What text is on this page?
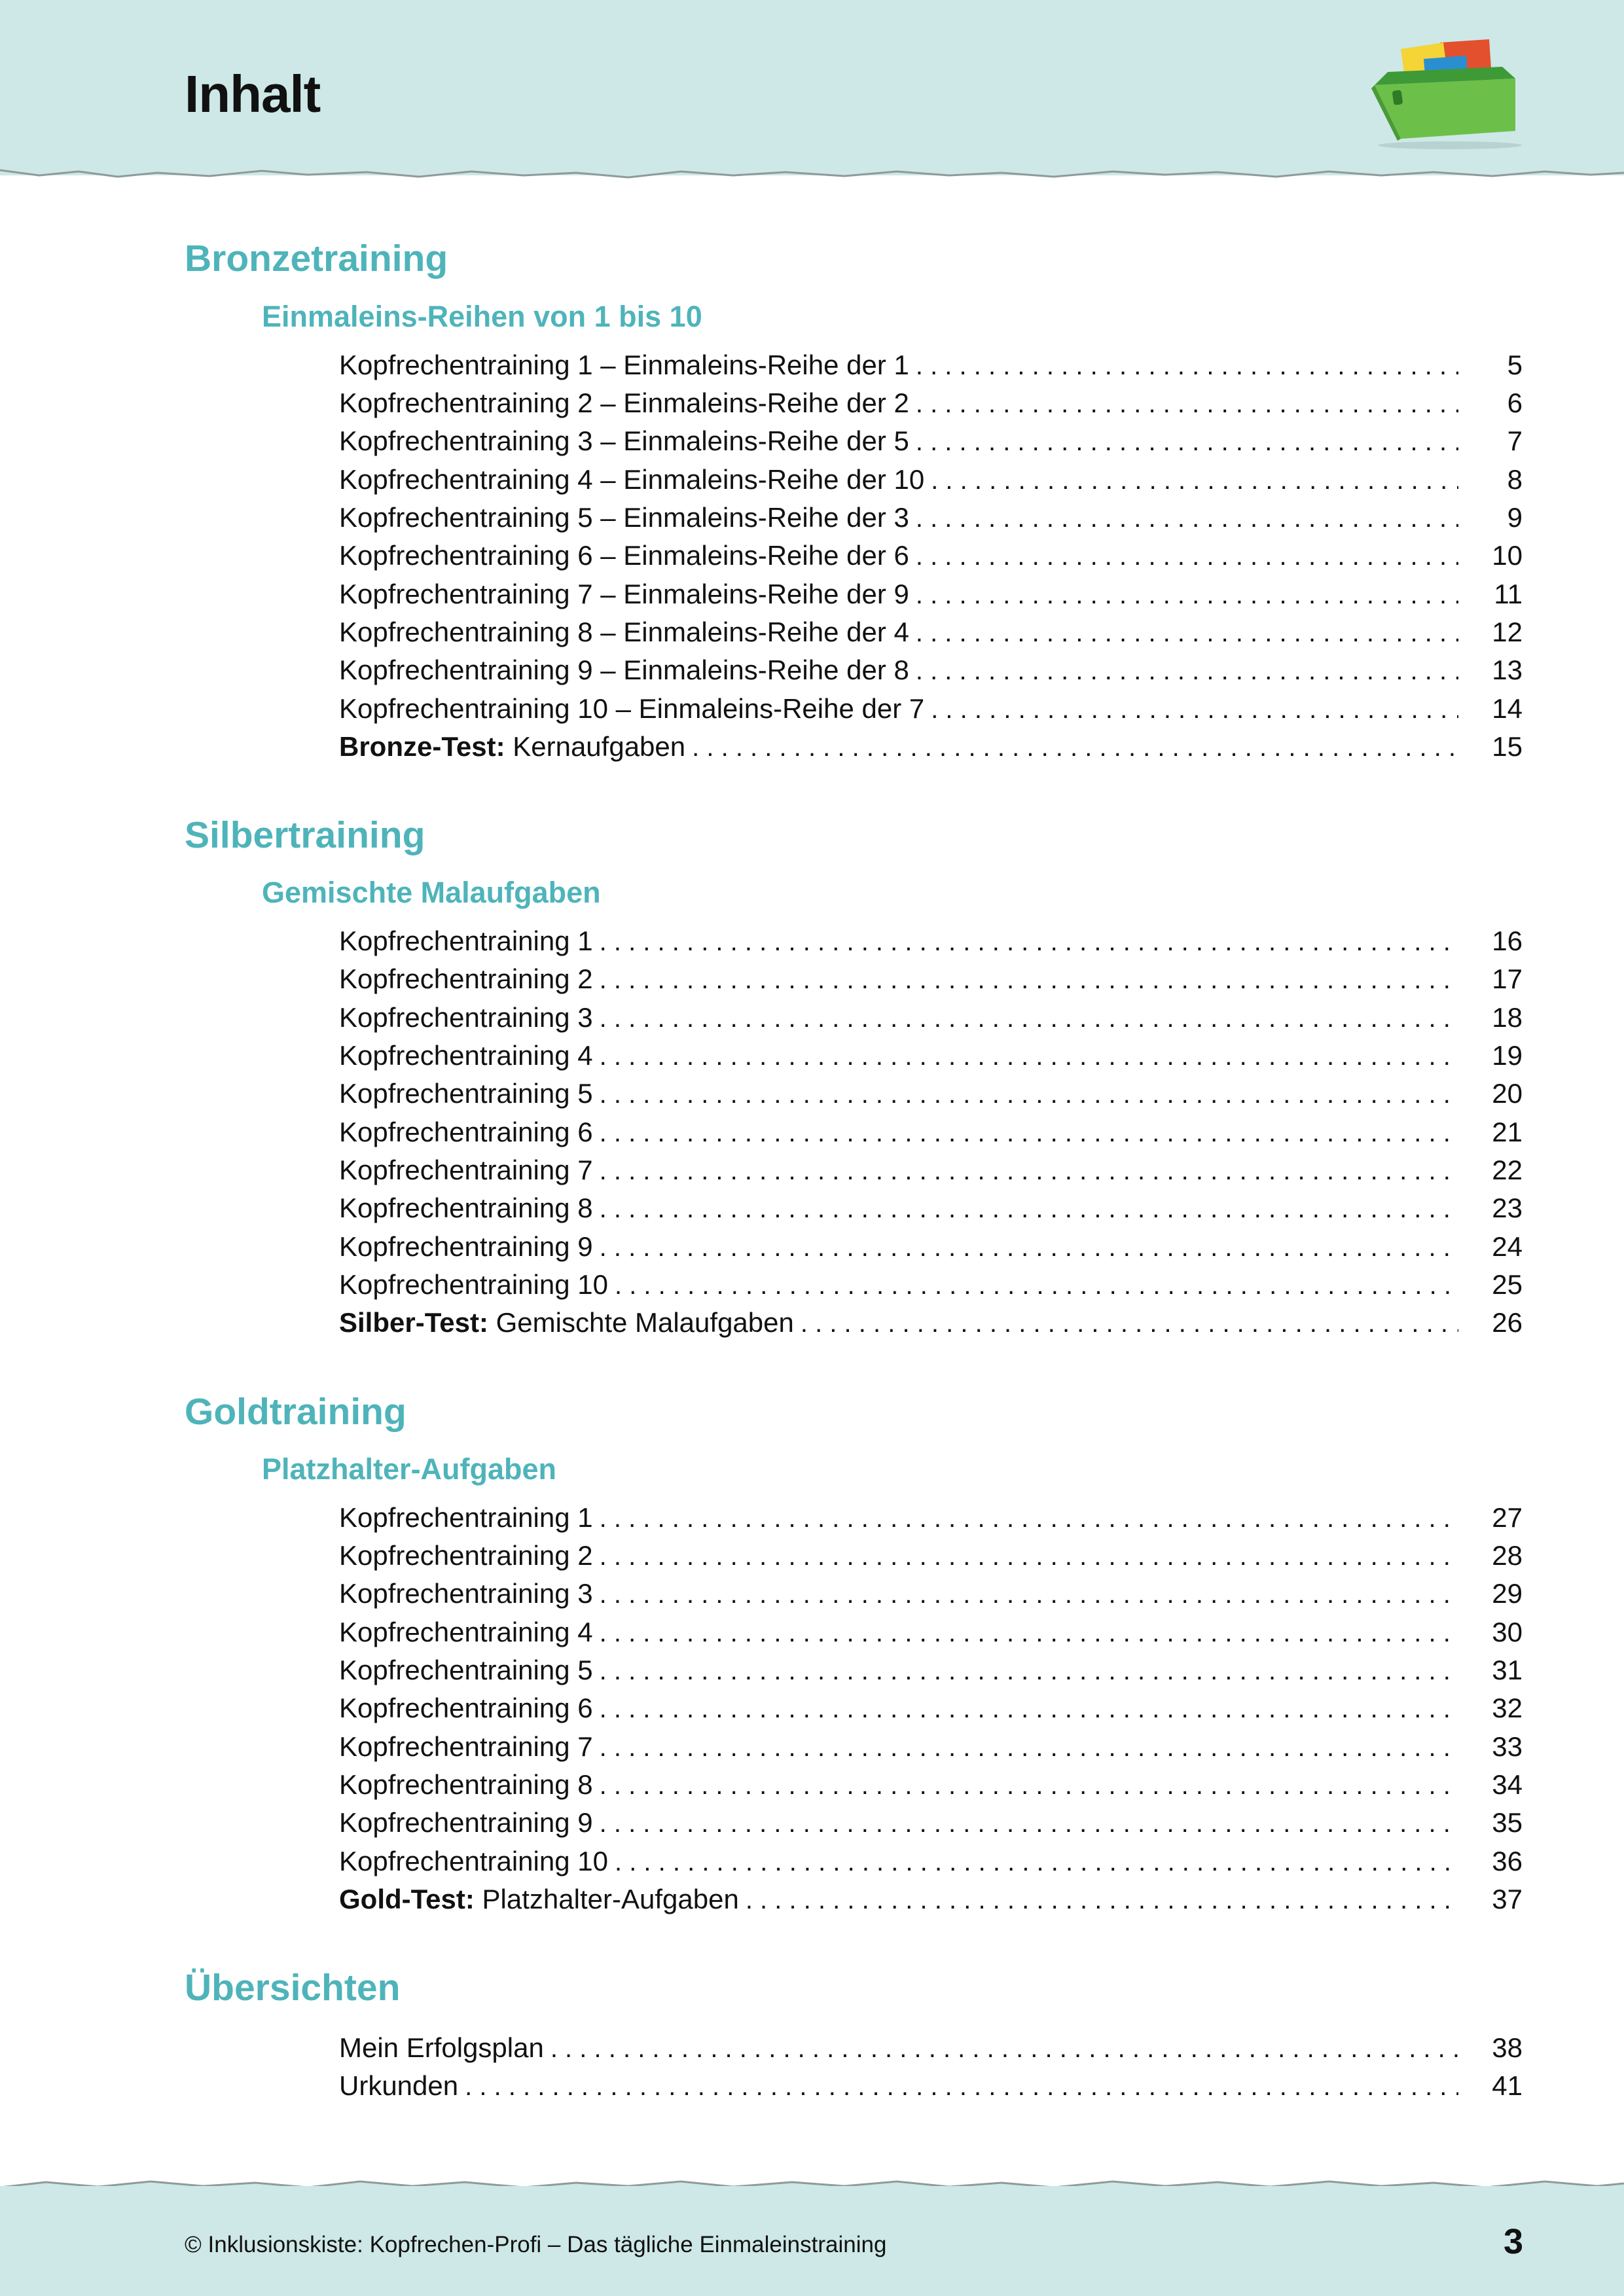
Inhalt
Bronzetraining
Einmaleins-Reihen von 1 bis 10
Kopfrechentraining 1 – Einmaleins-Reihe der 1 . . .	5
Kopfrechentraining 2 – Einmaleins-Reihe der 2 . . .	6
Kopfrechentraining 3 – Einmaleins-Reihe der 5 . . .	7
Kopfrechentraining 4 – Einmaleins-Reihe der 10 . . .	8
Kopfrechentraining 5 – Einmaleins-Reihe der 3 . . .	9
Kopfrechentraining 6 – Einmaleins-Reihe der 6 . . .	10
Kopfrechentraining 7 – Einmaleins-Reihe der 9 . . .	11
Kopfrechentraining 8 – Einmaleins-Reihe der 4 . . .	12
Kopfrechentraining 9 – Einmaleins-Reihe der 8 . . .	13
Kopfrechentraining 10 – Einmaleins-Reihe der 7 . . .	14
Bronze-Test: Kernaufgaben . . .	15
Silbertraining
Gemischte Malaufgaben
Kopfrechentraining 1 . . .	16
Kopfrechentraining 2 . . .	17
Kopfrechentraining 3 . . .	18
Kopfrechentraining 4 . . .	19
Kopfrechentraining 5 . . .	20
Kopfrechentraining 6 . . .	21
Kopfrechentraining 7 . . .	22
Kopfrechentraining 8 . . .	23
Kopfrechentraining 9 . . .	24
Kopfrechentraining 10 . . .	25
Silber-Test: Gemischte Malaufgaben . . .	26
Goldtraining
Platzhalter-Aufgaben
Kopfrechentraining 1 . . .	27
Kopfrechentraining 2 . . .	28
Kopfrechentraining 3 . . .	29
Kopfrechentraining 4 . . .	30
Kopfrechentraining 5 . . .	31
Kopfrechentraining 6 . . .	32
Kopfrechentraining 7 . . .	33
Kopfrechentraining 8 . . .	34
Kopfrechentraining 9 . . .	35
Kopfrechentraining 10 . . .	36
Gold-Test: Platzhalter-Aufgaben . . .	37
Übersichten
Mein Erfolgsplan . . .	38
Urkunden . . .	41

© Inklusionskiste: Kopfrechen-Profi – Das tägliche Einmaleinstraining	3
